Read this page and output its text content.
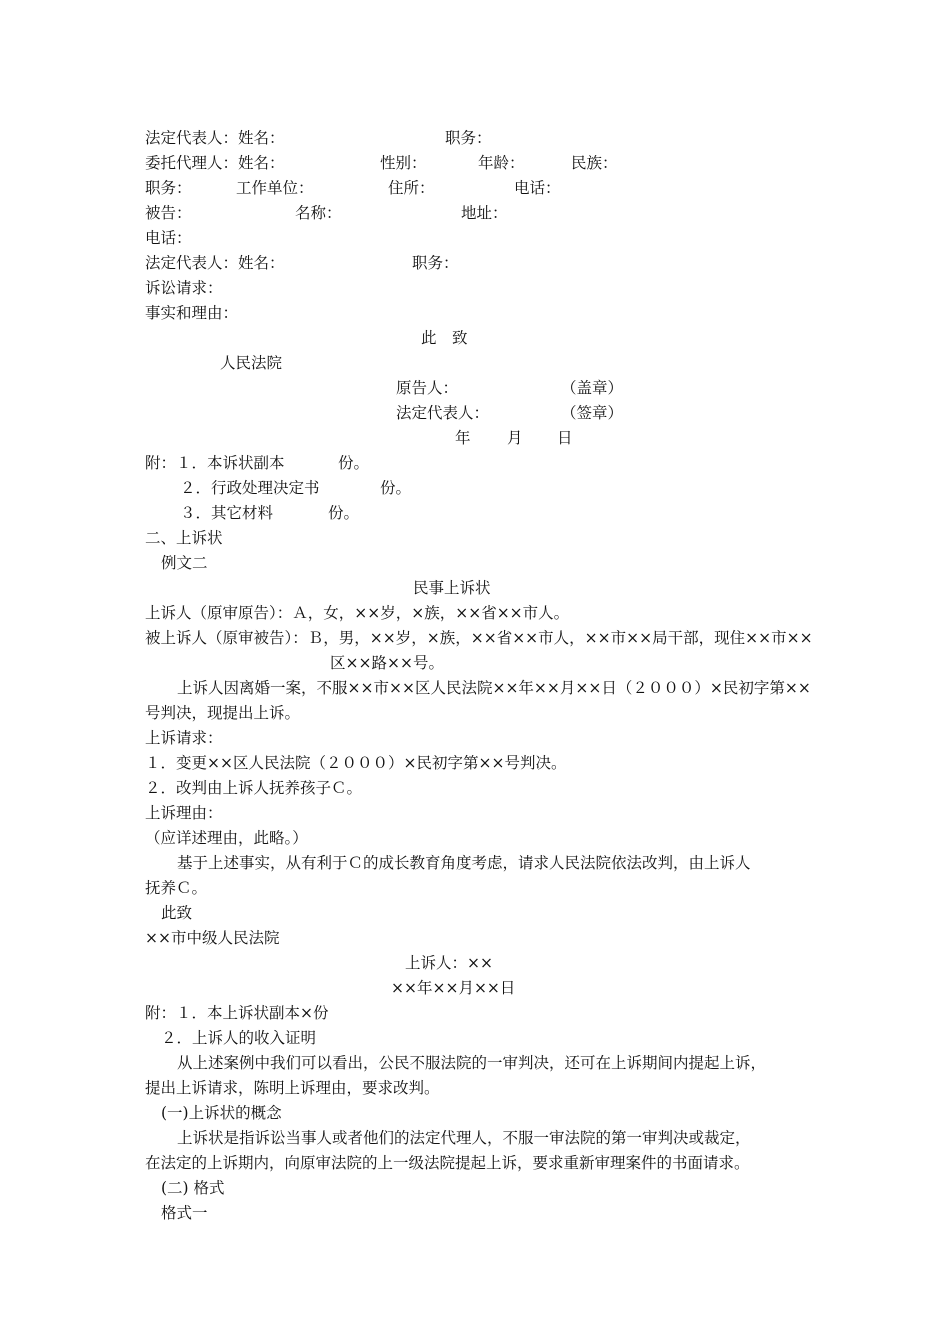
法定代表人：姓名：	职务：
委托代理人：姓名：	性别：	年龄：	民族：
职务：	工作单位：	住所：	电话：
被告：	名称：	地址：
电话：
法定代表人：姓名：	职务：
诉讼请求：
事实和理由：
此　致
人民法院
原告人：	（盖章）
法定代表人：	（签章）
年 月 日
附：１．本诉状副本	份。
２．行政处理决定书	份。
３．其它材料	份。
二、上诉状
例文二
民事上诉状
上诉人（原审原告）：Ａ，女，××岁，×族，××省××市人。
被上诉人（原审被告）：Ｂ，男，××岁，×族，××省××市人，××市××局干部，现住××市××
区××路××号。
上诉人因离婚一案，不服××市××区人民法院××年××月××日（２０００）×民初字第××
号判决，现提出上诉。
上诉请求：
１．变更××区人民法院（２０００）×民初字第××号判决。
２．改判由上诉人抚养孩子Ｃ。
上诉理由：
（应详述理由，此略。）
基于上述事实，从有利于Ｃ的成长教育角度考虑，请求人民法院依法改判，由上诉人
抚养Ｃ。
此致
××市中级人民法院
上诉人：××
××年××月××日
附：１．本上诉状副本×份
２．上诉人的收入证明
从上述案例中我们可以看出，公民不服法院的一审判决，还可在上诉期间内提起上诉，
提出上诉请求，陈明上诉理由，要求改判。
(一)上诉状的概念
上诉状是指诉讼当事人或者他们的法定代理人，不服一审法院的第一审判决或裁定，
在法定的上诉期内，向原审法院的上一级法院提起上诉，要求重新审理案件的书面请求。
(二) 格式
格式一
